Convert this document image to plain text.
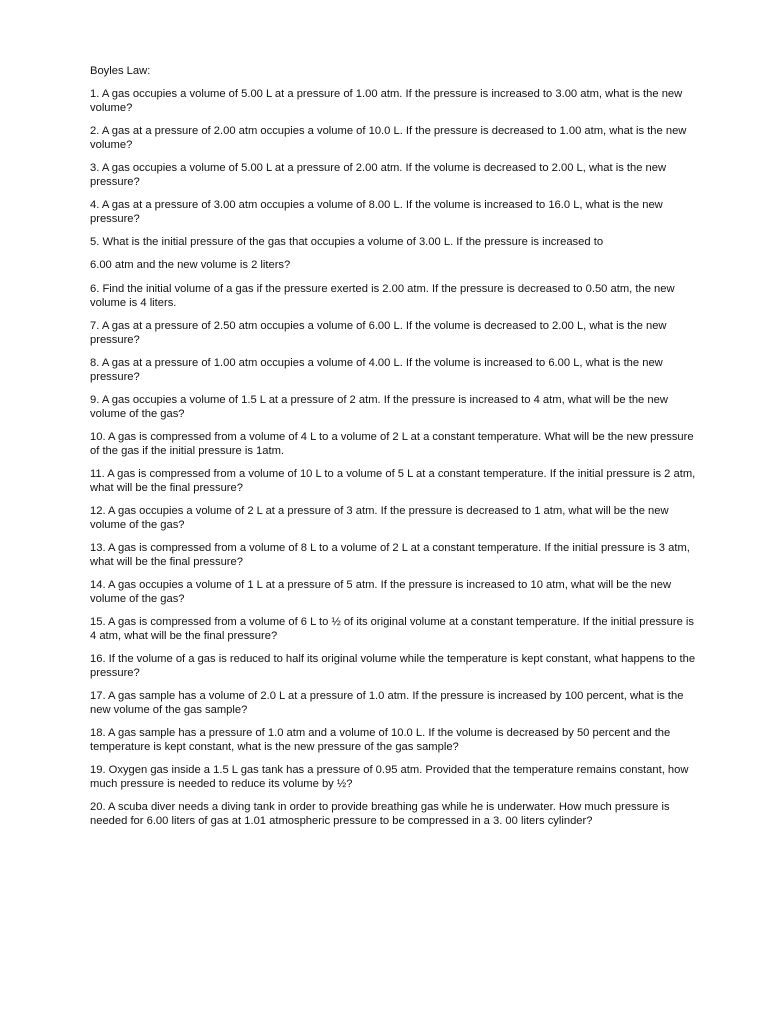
Boyles Law:

1. A gas occupies a volume of 5.00 L at a pressure of 1.00 atm. If the pressure is increased to 3.00 atm, what is the new volume?

2. A gas at a pressure of 2.00 atm occupies a volume of 10.0 L. If the pressure is decreased to 1.00 atm, what is the new volume?

3. A gas occupies a volume of 5.00 L at a pressure of 2.00 atm. If the volume is decreased to 2.00 L, what is the new pressure?

4. A gas at a pressure of 3.00 atm occupies a volume of 8.00 L. If the volume is increased to 16.0 L, what is the new pressure?

5. What is the initial pressure of the gas that occupies a volume of 3.00 L. If the pressure is increased to

6.00 atm and the new volume is 2 liters?

6. Find the initial volume of a gas if the pressure exerted is 2.00 atm. If the pressure is decreased to 0.50 atm, the new volume is 4 liters.

7. A gas at a pressure of 2.50 atm occupies a volume of 6.00 L. If the volume is decreased to 2.00 L, what is the new pressure?

8. A gas at a pressure of 1.00 atm occupies a volume of 4.00 L. If the volume is increased to 6.00 L, what is the new pressure?

9. A gas occupies a volume of 1.5 L at a pressure of 2 atm. If the pressure is increased to 4 atm, what will be the new volume of the gas?

10. A gas is compressed from a volume of 4 L to a volume of 2 L at a constant temperature. What will be the new pressure of the gas if the initial pressure is 1atm.

11. A gas is compressed from a volume of 10 L to a volume of 5 L at a constant temperature. If the initial pressure is 2 atm, what will be the final pressure?

12. A gas occupies a volume of 2 L at a pressure of 3 atm. If the pressure is decreased to 1 atm, what will be the new volume of the gas?

13. A gas is compressed from a volume of 8 L to a volume of 2 L at a constant temperature. If the initial pressure is 3 atm, what will be the final pressure?

14. A gas occupies a volume of 1 L at a pressure of 5 atm. If the pressure is increased to 10 atm, what will be the new volume of the gas?

15. A gas is compressed from a volume of 6 L to ½ of its original volume at a constant temperature. If the initial pressure is 4 atm, what will be the final pressure?

16. If the volume of a gas is reduced to half its original volume while the temperature is kept constant, what happens to the pressure?

17. A gas sample has a volume of 2.0 L at a pressure of 1.0 atm. If the pressure is increased by 100 percent, what is the new volume of the gas sample?

18. A gas sample has a pressure of 1.0 atm and a volume of 10.0 L. If the volume is decreased by 50 percent and the temperature is kept constant, what is the new pressure of the gas sample?

19. Oxygen gas inside a 1.5 L gas tank has a pressure of 0.95 atm. Provided that the temperature remains constant, how much pressure is needed to reduce its volume by ½?

20. A scuba diver needs a diving tank in order to provide breathing gas while he is underwater. How much pressure is needed for 6.00 liters of gas at 1.01 atmospheric pressure to be compressed in a 3. 00 liters cylinder?
